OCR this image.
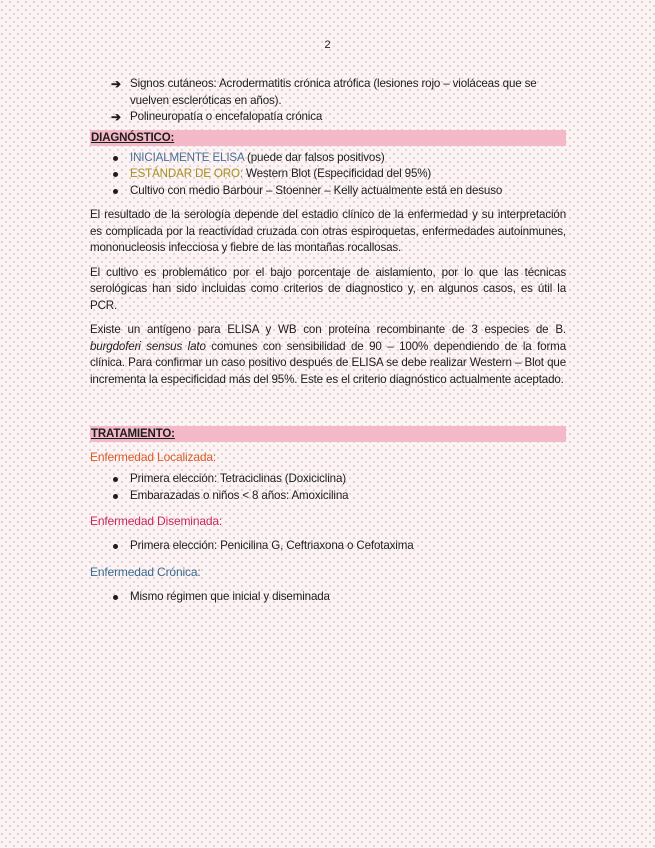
2
➔ Signos cutáneos: Acrodermatitis crónica atrófica (lesiones rojo – violáceas que se vuelven escleróticas en años).
➔ Polineuropatía o encefalopatía crónica
DIAGNÓSTICO:
INICIALMENTE ELISA (puede dar falsos positivos)
ESTÁNDAR DE ORO: Western Blot (Especificidad del 95%)
Cultivo con medio Barbour – Stoenner – Kelly actualmente está en desuso

El resultado de la serología depende del estadio clínico de la enfermedad y su interpretación es complicada por la reactividad cruzada con otras espiroquetas, enfermedades autoinmunes, mononucleosis infecciosa y fiebre de las montañas rocallosas.

El cultivo es problemático por el bajo porcentaje de aislamiento, por lo que las técnicas serológicas han sido incluidas como criterios de diagnostico y, en algunos casos, es útil la PCR.

Existe un antígeno para ELISA y WB con proteína recombinante de 3 especies de B. burgdoferi sensus lato comunes con sensibilidad de 90 – 100% dependiendo de la forma clínica. Para confirmar un caso positivo después de ELISA se debe realizar Western – Blot que incrementa la especificidad más del 95%. Este es el criterio diagnóstico actualmente aceptado.

TRATAMIENTO:
Enfermedad Localizada:
Primera elección: Tetraciclinas (Doxiciclina)
Embarazadas o niños < 8 años: Amoxicilina
Enfermedad Diseminada:
Primera elección: Penicilina G, Ceftriaxona o Cefotaxima
Enfermedad Crónica:
Mismo régimen que inicial y diseminada
